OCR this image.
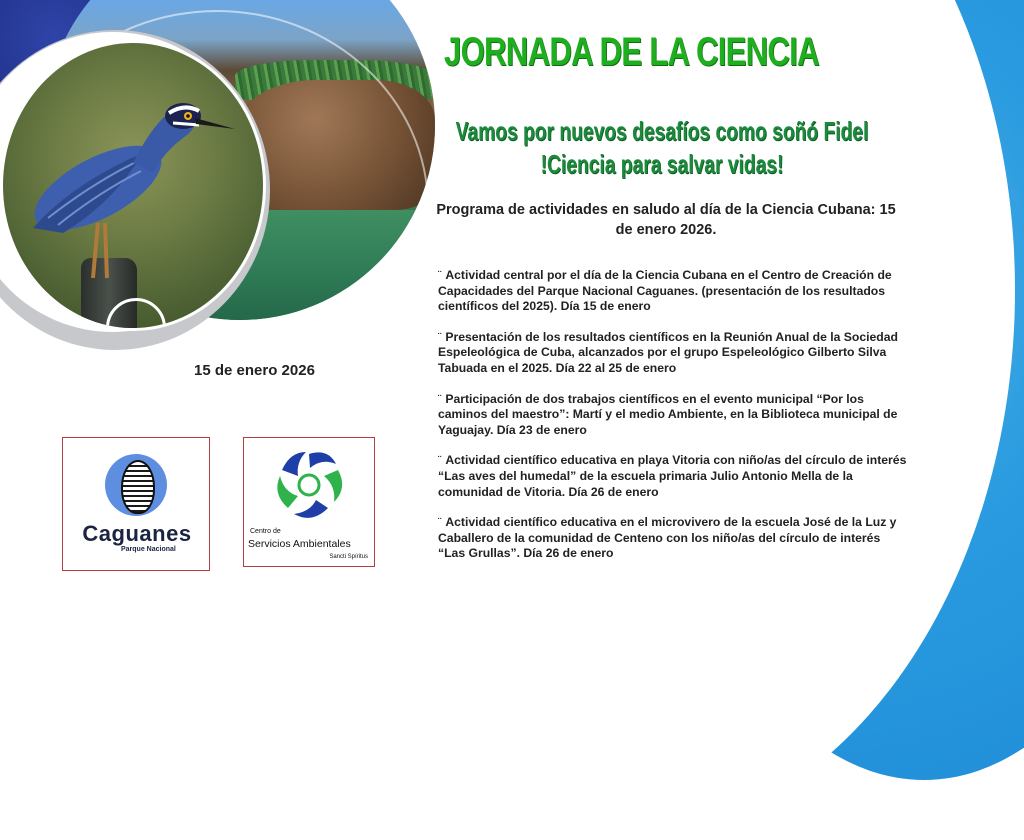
JORNADA DE LA CIENCIA
Vamos por nuevos desafíos como soñó Fidel
!Ciencia para salvar vidas!
Programa de actividades en saludo al día de la Ciencia Cubana: 15 de enero 2026.
¨ Actividad central por el día de la Ciencia Cubana en el Centro de Creación de Capacidades del Parque Nacional Caguanes. (presentación de los resultados científicos del 2025). Día 15 de enero
¨ Presentación de los resultados científicos en la Reunión Anual de la Sociedad Espeleológica de Cuba, alcanzados por el grupo Espeleológico Gilberto Silva Tabuada en el 2025. Día 22 al 25 de enero
¨ Participación de dos trabajos científicos en el evento municipal “Por los caminos del maestro”: Martí y el medio Ambiente, en la Biblioteca municipal de Yaguajay. Día 23 de enero
¨ Actividad científico educativa en playa Vitoria con niño/as del círculo de interés “Las aves del humedal” de la escuela primaria Julio Antonio Mella de la comunidad de Vitoria. Día 26 de enero
¨ Actividad científico educativa en el microvivero de la escuela José de la Luz y Caballero de la comunidad de Centeno con los niño/as del círculo de interés “Las Grullas”. Día 26 de enero
15 de enero 2026
Caguanes
Parque Nacional
Centro de
Servicios Ambientales
Sancti Spíritus
